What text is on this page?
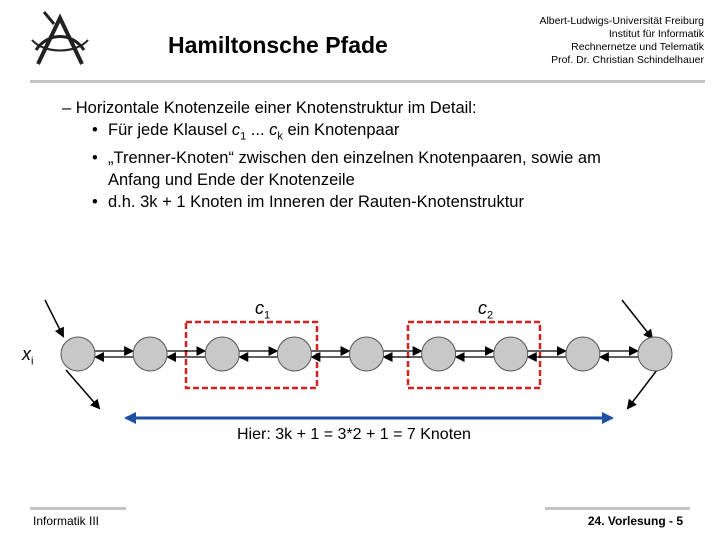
Hamiltonsche Pfade
Albert-Ludwigs-Universität Freiburg
Institut für Informatik
Rechnernetze und Telematik
Prof. Dr. Christian Schindelhauer
– Horizontale Knotenzeile einer Knotenstruktur im Detail:
• Für jede Klausel $c_1$ ... $c_k$ ein Knotenpaar
• „Trenner-Knoten“ zwischen den einzelnen Knotenpaaren, sowie am
Anfang und Ende der Knotenzeile
• d.h. 3k + 1 Knoten im Inneren der Rauten-Knotenstruktur
$c_1$	$c_2$
$x_i$
Hier: 3k + 1 = 3*2 + 1 = 7 Knoten
Informatik III	24. Vorlesung - 5
